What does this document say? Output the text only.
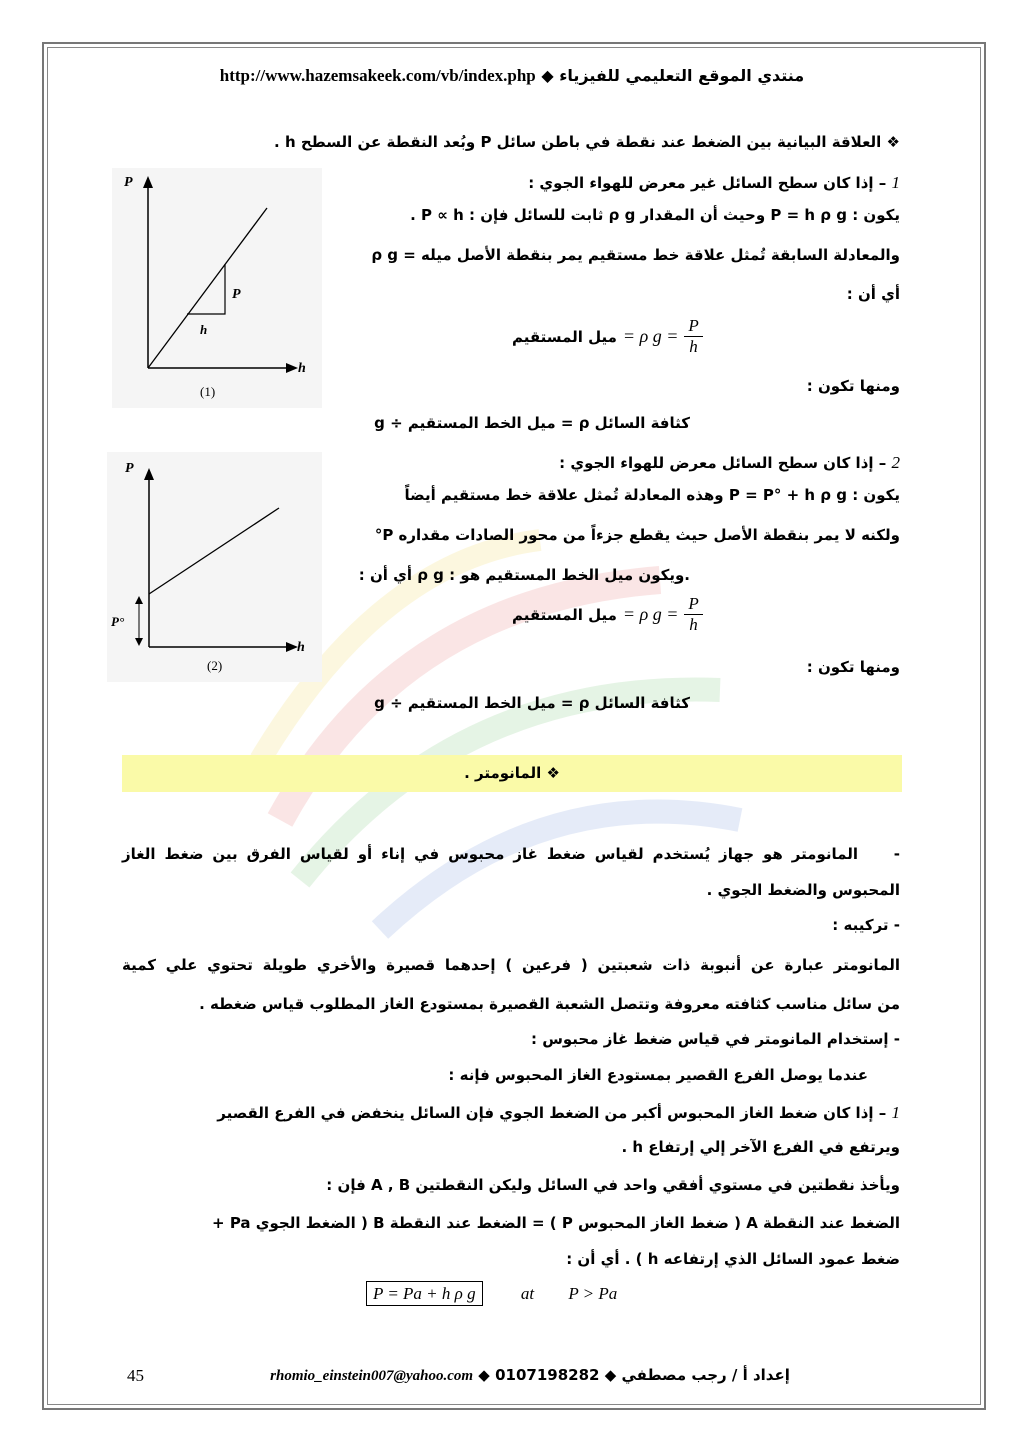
http://www.hazemsakeek.com/vb/index.php ◆ منتدي الموقع التعليمي للفيزياء
❖ العلاقة البيانية بين الضغط عند نقطة في باطن سائل P وبُعد النقطة عن السطح h .
1 – إذا كان سطح السائل غير معرض للهواء الجوي :
يكون : P = h ρ g وحيث أن المقدار ρ g ثابت للسائل فإن : P ∝ h .
والمعادلة السابقة تُمثل علاقة خط مستقيم يمر بنقطة الأصل ميله = ρ g
أي أن :
ميل المستقيم = ρ $g = \frac{P}{h}$
ومنها تكون :
كثافة السائل ρ = ميل الخط المستقيم ÷ g
2 – إذا كان سطح السائل معرض للهواء الجوي :
يكون : P = P° + h ρ g وهذه المعادلة تُمثل علاقة خط مستقيم أيضاً
ولكنه لا يمر بنقطة الأصل حيث يقطع جزءاً من محور الصادات مقداره P°
.ويكون ميل الخط المستقيم هو : ρ g أي أن :
ميل المستقيم = ρ $g = \frac{P}{h}$
ومنها تكون :
كثافة السائل ρ = ميل الخط المستقيم ÷ g
P
h
P
h
(1)
P
h
P°
(2)
❖ المانومتر .
-    المانومتر هو جهاز يُستخدم لقياس ضغط غاز محبوس في إناء أو لقياس الفرق بين ضغط الغاز
المحبوس والضغط الجوي .
- تركيبه :
المانومتر عبارة عن أنبوبة ذات شعبتين ( فرعين ) إحدهما قصيرة والأخري طويلة تحتوي علي كمية
من سائل مناسب كثافته معروفة وتتصل الشعبة القصيرة بمستودع الغاز المطلوب قياس ضغطه .
- إستخدام المانومتر في قياس ضغط غاز محبوس :
عندما يوصل الفرع القصير بمستودع الغاز المحبوس فإنه :
1 – إذا كان ضغط الغاز المحبوس أكبر من الضغط الجوي فإن السائل ينخفض في الفرع القصير
ويرتفع في الفرع الآخر إلي إرتفاع h .
ويأخذ نقطتين في مستوي أفقي واحد في السائل وليكن النقطتين A , B فإن :
الضغط عند النقطة A ( ضغط الغاز المحبوس P ) = الضغط عند النقطة B ( الضغط الجوي Pa +
ضغط عمود السائل الذي إرتفاعه h ) . أي أن :
P = Pa + h ρ g	at P > Pa
45	rhomio_einstein007@yahoo.com ◆ 0107198282 ◆ إعداد أ / رجب مصطفي
